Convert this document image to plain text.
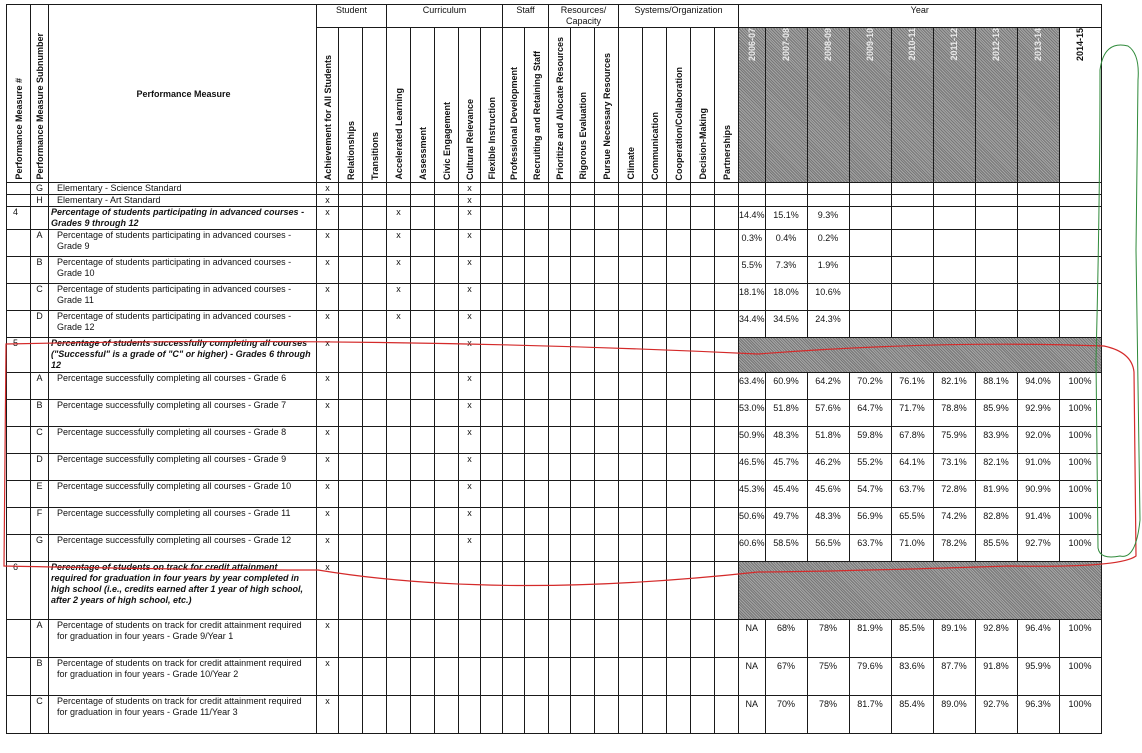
Performance Measure #	Performance Measure Subnumber	Performance Measure	Student			Curriculum					Staff		Resources/ Capacity			Systems/Organization					Year								
			Achievement for All Students	Relationships	Transitions	Accelerated Learning	Assessment	Civic Engagement	Cultural Relevance	Flexible Instruction	Professional Development	Recruiting and Retaining Staff	Prioritize and Allocate Resources	Rigorous Evaluation	Pursue Necessary Resources	Climate	Communication	Cooperation/Collaboration	Decision-Making	Partnerships	2006-07	2007-08	2008-09	2009-10	2010-11	2011-12	2012-13	2013-14	2014-15
	G	Elementary - Science Standard	x						x																				
	H	Elementary - Art Standard	x						x																				
4		Percentage of students participating in advanced courses - Grades 9 through 12	x			x			x												14.4%	15.1%	9.3%						
	A	Percentage of students participating in advanced courses - Grade 9	x			x			x												0.3%	0.4%	0.2%						
	B	Percentage of students participating in advanced courses - Grade 10	x			x			x												5.5%	7.3%	1.9%						
	C	Percentage of students participating in advanced courses - Grade 11	x			x			x												18.1%	18.0%	10.6%						
	D	Percentage of students participating in advanced courses - Grade 12	x			x			x												34.4%	34.5%	24.3%						
5		Percentage of students successfully completing all courses ("Successful" is a grade of "C" or higher) - Grades 6 through 12	x						x																				
	A	Percentage successfully completing all courses - Grade 6	x						x												63.4%	60.9%	64.2%	70.2%	76.1%	82.1%	88.1%	94.0%	100%
	B	Percentage successfully completing all courses - Grade 7	x						x												53.0%	51.8%	57.6%	64.7%	71.7%	78.8%	85.9%	92.9%	100%
	C	Percentage successfully completing all courses - Grade 8	x						x												50.9%	48.3%	51.8%	59.8%	67.8%	75.9%	83.9%	92.0%	100%
	D	Percentage successfully completing all courses - Grade 9	x						x												46.5%	45.7%	46.2%	55.2%	64.1%	73.1%	82.1%	91.0%	100%
	E	Percentage successfully completing all courses - Grade 10	x						x												45.3%	45.4%	45.6%	54.7%	63.7%	72.8%	81.9%	90.9%	100%
	F	Percentage successfully completing all courses - Grade 11	x						x												50.6%	49.7%	48.3%	56.9%	65.5%	74.2%	82.8%	91.4%	100%
	G	Percentage successfully completing all courses - Grade 12	x						x												60.6%	58.5%	56.5%	63.7%	71.0%	78.2%	85.5%	92.7%	100%
6		Percentage of students on track for credit attainment required for graduation in four years by year completed in high school (i.e., credits earned after 1 year of high school, after 2 years of high school, etc.)	x																										
	A	Percentage of students on track for credit attainment required for graduation in four years - Grade 9/Year 1	x																		NA	68%	78%	81.9%	85.5%	89.1%	92.8%	96.4%	100%
	B	Percentage of students on track for credit attainment required for graduation in four years - Grade 10/Year 2	x																		NA	67%	75%	79.6%	83.6%	87.7%	91.8%	95.9%	100%
	C	Percentage of students on track for credit attainment required for graduation in four years - Grade 11/Year 3	x																		NA	70%	78%	81.7%	85.4%	89.0%	92.7%	96.3%	100%
